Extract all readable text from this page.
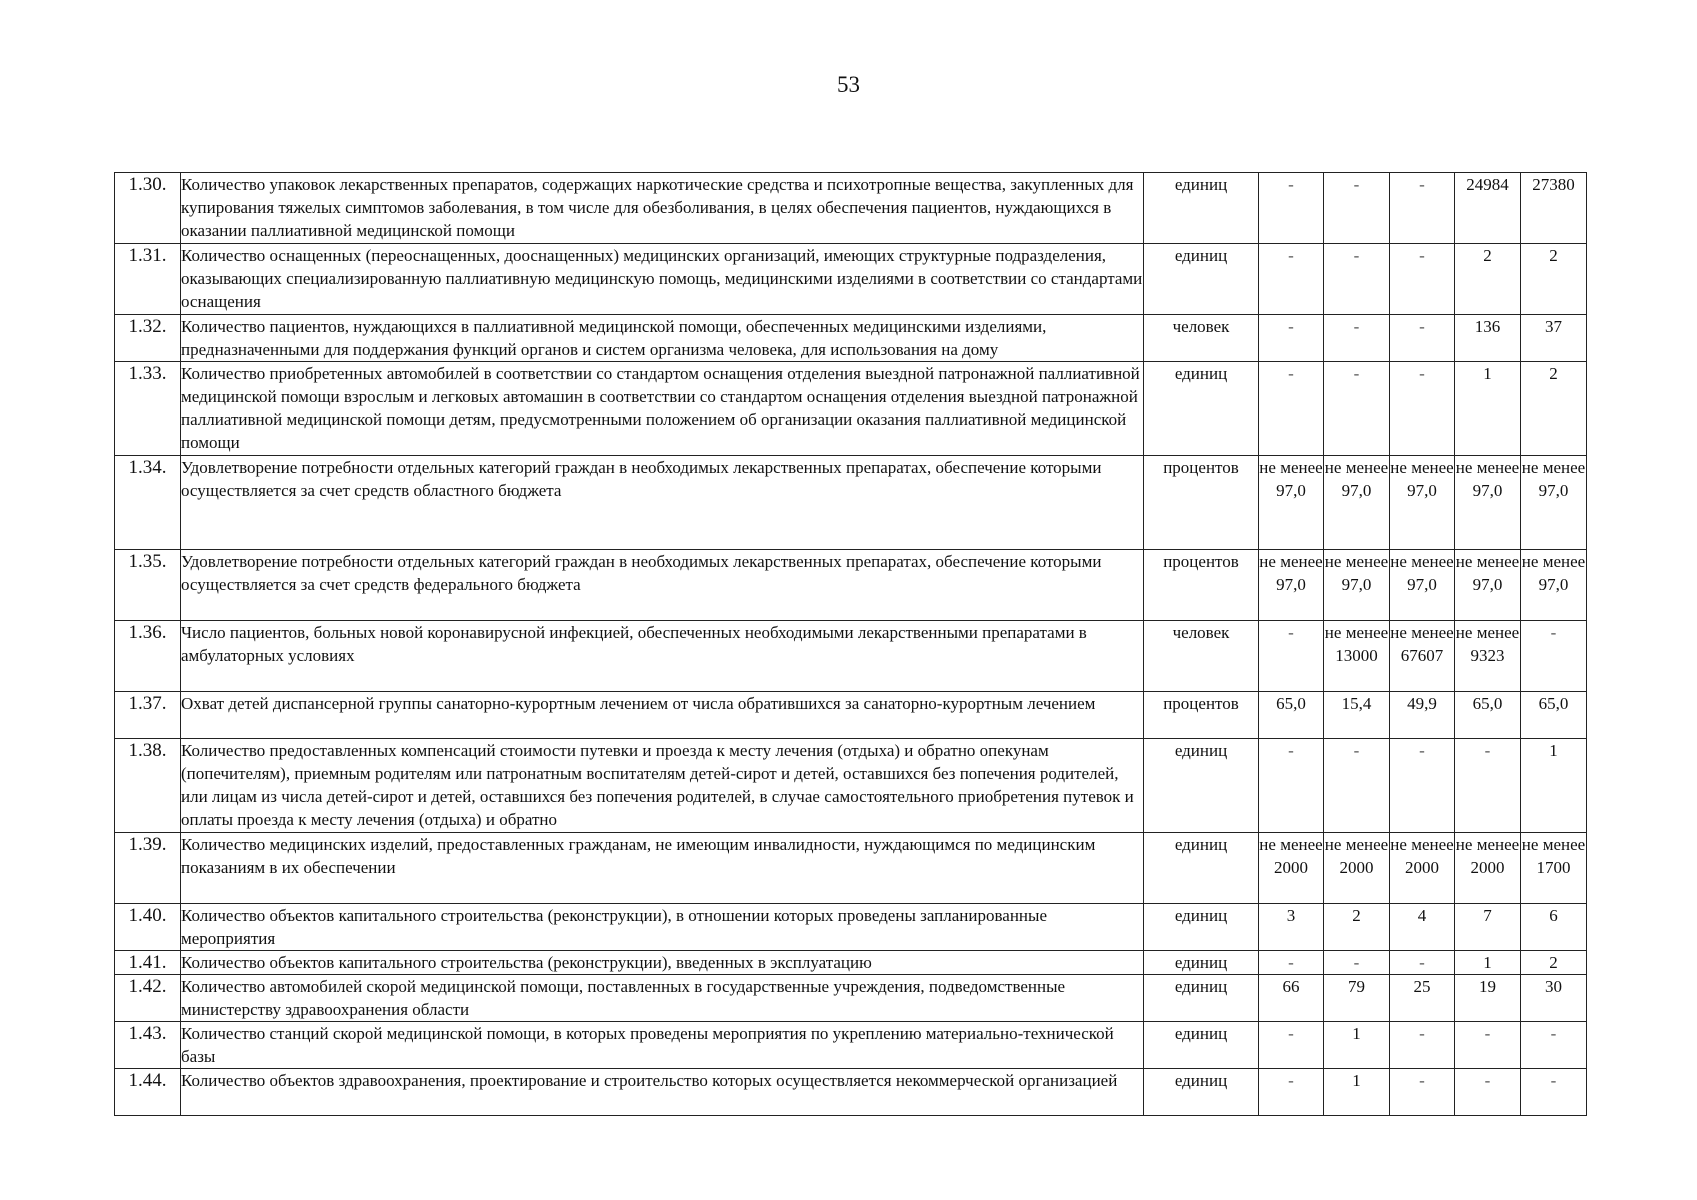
53
1.30.	Количество упаковок лекарственных препаратов, содержащих наркотические средства и психотропные вещества, закупленных для купирования тяжелых симптомов заболевания, в том числе для обезболивания, в целях обеспечения пациентов, нуждающихся в оказании паллиативной медицинской помощи	единиц	-	-	-	24984	27380
1.31.	Количество оснащенных (переоснащенных, дооснащенных) медицинских организаций, имеющих структурные подразделения, оказывающих специализированную паллиативную медицинскую помощь, медицинскими изделиями в соответствии со стандартами оснащения	единиц	-	-	-	2	2
1.32.	Количество пациентов, нуждающихся в паллиативной медицинской помощи, обеспеченных медицинскими изделиями, предназначенными для поддержания функций органов и систем организма человека, для использования на дому	человек	-	-	-	136	37
1.33.	Количество приобретенных автомобилей в соответствии со стандартом оснащения отделения выездной патронажной паллиативной медицинской помощи взрослым и легковых автомашин в соответствии со стандартом оснащения отделения выездной патронажной паллиативной медицинской помощи детям, предусмотренными положением об организации оказания паллиативной медицинской помощи	единиц	-	-	-	1	2
1.34.	Удовлетворение потребности отдельных категорий граждан в необходимых лекарственных препаратах, обеспечение которыми осуществляется за счет средств областного бюджета	процентов	не менее 97,0	не менее 97,0	не менее 97,0	не менее 97,0	не менее 97,0
1.35.	Удовлетворение потребности отдельных категорий граждан в необходимых лекарственных препаратах, обеспечение которыми осуществляется за счет средств федерального бюджета	процентов	не менее 97,0	не менее 97,0	не менее 97,0	не менее 97,0	не менее 97,0
1.36.	Число пациентов, больных новой коронавирусной инфекцией, обеспеченных необходимыми лекарственными препаратами в амбулаторных условиях	человек	-	не менее 13000	не менее 67607	не менее 9323	-
1.37.	Охват детей диспансерной группы санаторно-курортным лечением от числа обратившихся за санаторно-курортным лечением	процентов	65,0	15,4	49,9	65,0	65,0
1.38.	Количество предоставленных компенсаций стоимости путевки и проезда к месту лечения (отдыха) и обратно опекунам (попечителям), приемным родителям или патронатным воспитателям детей-сирот и детей, оставшихся без попечения родителей, или лицам из числа детей-сирот и детей, оставшихся без попечения родителей, в случае самостоятельного приобретения путевок и оплаты проезда к месту лечения (отдыха) и обратно	единиц	-	-	-	-	1
1.39.	Количество медицинских изделий, предоставленных гражданам, не имеющим инвалидности, нуждающимся по медицинским показаниям в их обеспечении	единиц	не менее 2000	не менее 2000	не менее 2000	не менее 2000	не менее 1700
1.40.	Количество объектов капитального строительства (реконструкции), в отношении которых проведены запланированные мероприятия	единиц	3	2	4	7	6
1.41.	Количество объектов капитального строительства (реконструкции), введенных в эксплуатацию	единиц	-	-	-	1	2
1.42.	Количество автомобилей скорой медицинской помощи, поставленных в государственные учреждения, подведомственные министерству здравоохранения области	единиц	66	79	25	19	30
1.43.	Количество станций скорой медицинской помощи, в которых проведены мероприятия по укреплению материально-технической базы	единиц	-	1	-	-	-
1.44.	Количество объектов здравоохранения, проектирование и строительство которых осуществляется некоммерческой организацией	единиц	-	1	-	-	-
